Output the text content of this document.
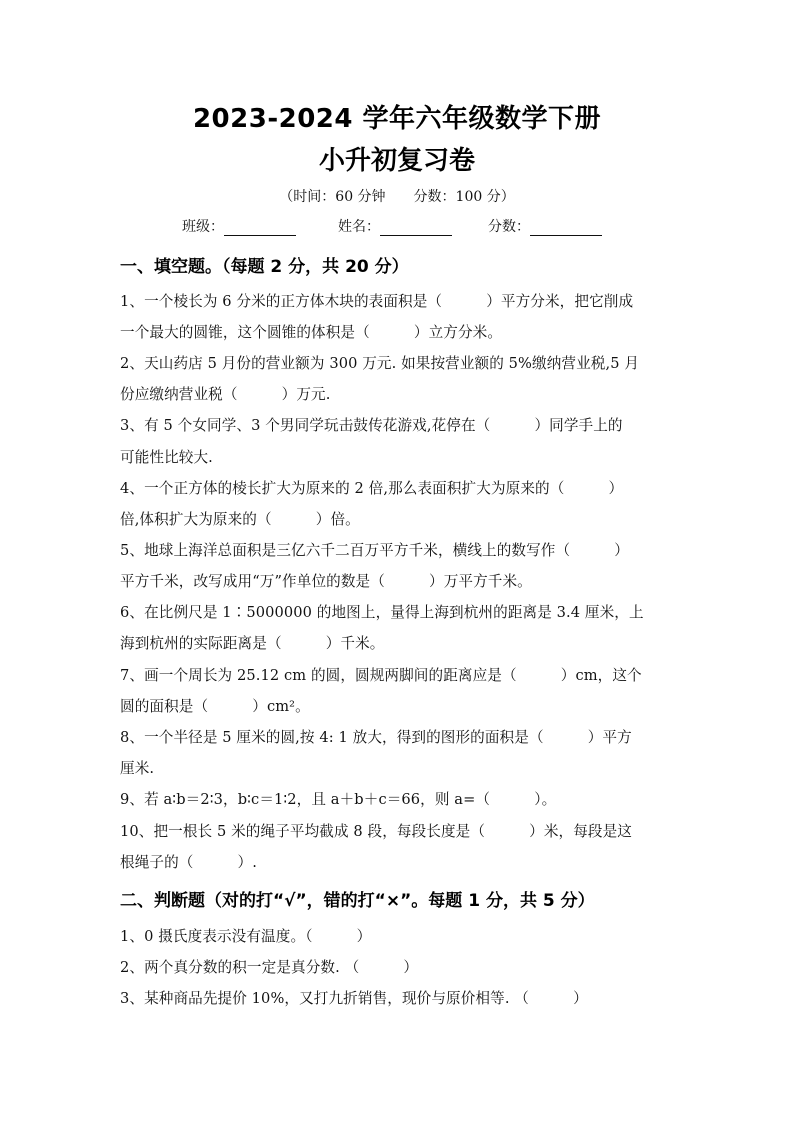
2023-2024 学年六年级数学下册
小升初复习卷
（时间：60 分钟　　分数：100 分）
班级：	姓名：	分数：
一、填空题。（每题 2 分，共 20 分）
1、一个棱长为 6 分米的正方体木块的表面积是（　　　）平方分米，把它削成
一个最大的圆锥，这个圆锥的体积是（　　　）立方分米。
2、天山药店 5 月份的营业额为 300 万元. 如果按营业额的 5%缴纳营业税,5 月
份应缴纳营业税（　　　）万元.
3、有 5 个女同学、3 个男同学玩击鼓传花游戏,花停在（　　　）同学手上的
可能性比较大.
4、一个正方体的棱长扩大为原来的 2 倍,那么表面积扩大为原来的（　　　）
倍,体积扩大为原来的（　　　）倍。
5、地球上海洋总面积是三亿六千二百万平方千米，横线上的数写作（　　　）
平方千米，改写成用“万”作单位的数是（　　　）万平方千米。
6、在比例尺是 1∶5000000 的地图上，量得上海到杭州的距离是 3.4 厘米，上
海到杭州的实际距离是（　　　）千米。
7、画一个周长为 25.12 cm 的圆，圆规两脚间的距离应是（　　　）cm，这个
圆的面积是（　　　）cm²。
8、一个半径是 5 厘米的圆,按 4: 1 放大，得到的图形的面积是（　　　）平方
厘米.
9、若 a∶b＝2∶3，b∶c＝1∶2，且 a＋b＋c＝66，则 a=（　　　）。
10、把一根长 5 米的绳子平均截成 8 段，每段长度是（　　　）米，每段是这
根绳子的（　　　）.
二、判断题（对的打“√”，错的打“×”。每题 1 分，共 5 分）
1、0 摄氏度表示没有温度。（　　　）
2、两个真分数的积一定是真分数. （　　　）
3、某种商品先提价 10%，又打九折销售，现价与原价相等. （　　　）
